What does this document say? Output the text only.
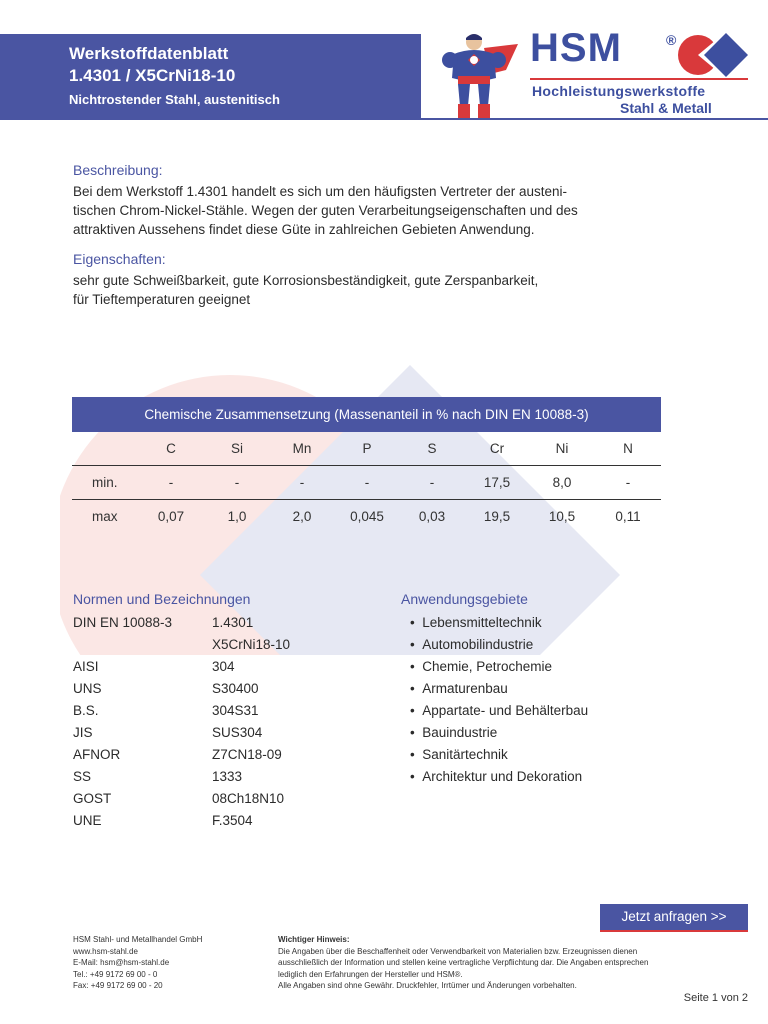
Werkstoffdatenblatt
1.4301 / X5CrNi18-10
Nichtrostender Stahl, austenitisch
HSM	®
Hochleistungswerkstoffe
Stahl & Metall
Beschreibung:
Bei dem Werkstoff 1.4301 handelt es sich um den häufigsten Vertreter der austeni-
tischen Chrom-Nickel-Stähle. Wegen der guten Verarbeitungseigenschaften und des
attraktiven Aussehens findet diese Güte in zahlreichen Gebieten Anwendung.
Eigenschaften:
sehr gute Schweißbarkeit, gute Korrosionsbeständigkeit, gute Zerspanbarkeit,
für Tieftemperaturen geeignet
Chemische Zusammensetzung (Massenanteil in % nach DIN EN 10088-3)
C	Si	Mn	P	S	Cr	Ni	N
min.	-	-	-	-	-	17,5	8,0	-
max	0,07	1,0	2,0	0,045	0,03	19,5	10,5	0,11
Normen und Bezeichnungen
DIN EN 10088-3	1.4301
X5CrNi18-10
AISI	304
UNS	S30400
B.S.	304S31
JIS	SUS304
AFNOR	Z7CN18-09
SS	1333
GOST	08Ch18N10
UNE	F.3504
Anwendungsgebiete
• Lebensmitteltechnik
• Automobilindustrie
• Chemie, Petrochemie
• Armaturenbau
• Appartate- und Behälterbau
• Bauindustrie
• Sanitärtechnik
• Architektur und Dekoration
Jetzt anfragen >>
HSM Stahl- und Metallhandel GmbH
www.hsm-stahl.de
E-Mail: hsm@hsm-stahl.de
Tel.: +49 9172 69 00 - 0
Fax: +49 9172 69 00 - 20
Wichtiger Hinweis:
Die Angaben über die Beschaffenheit oder Verwendbarkeit von Materialien bzw. Erzeugnissen dienen
ausschließlich der Information und stellen keine vertragliche Verpflichtung dar. Die Angaben entsprechen
lediglich den Erfahrungen der Hersteller und HSM®.
Alle Angaben sind ohne Gewähr. Druckfehler, Irrtümer und Änderungen vorbehalten.
Seite 1 von 2
